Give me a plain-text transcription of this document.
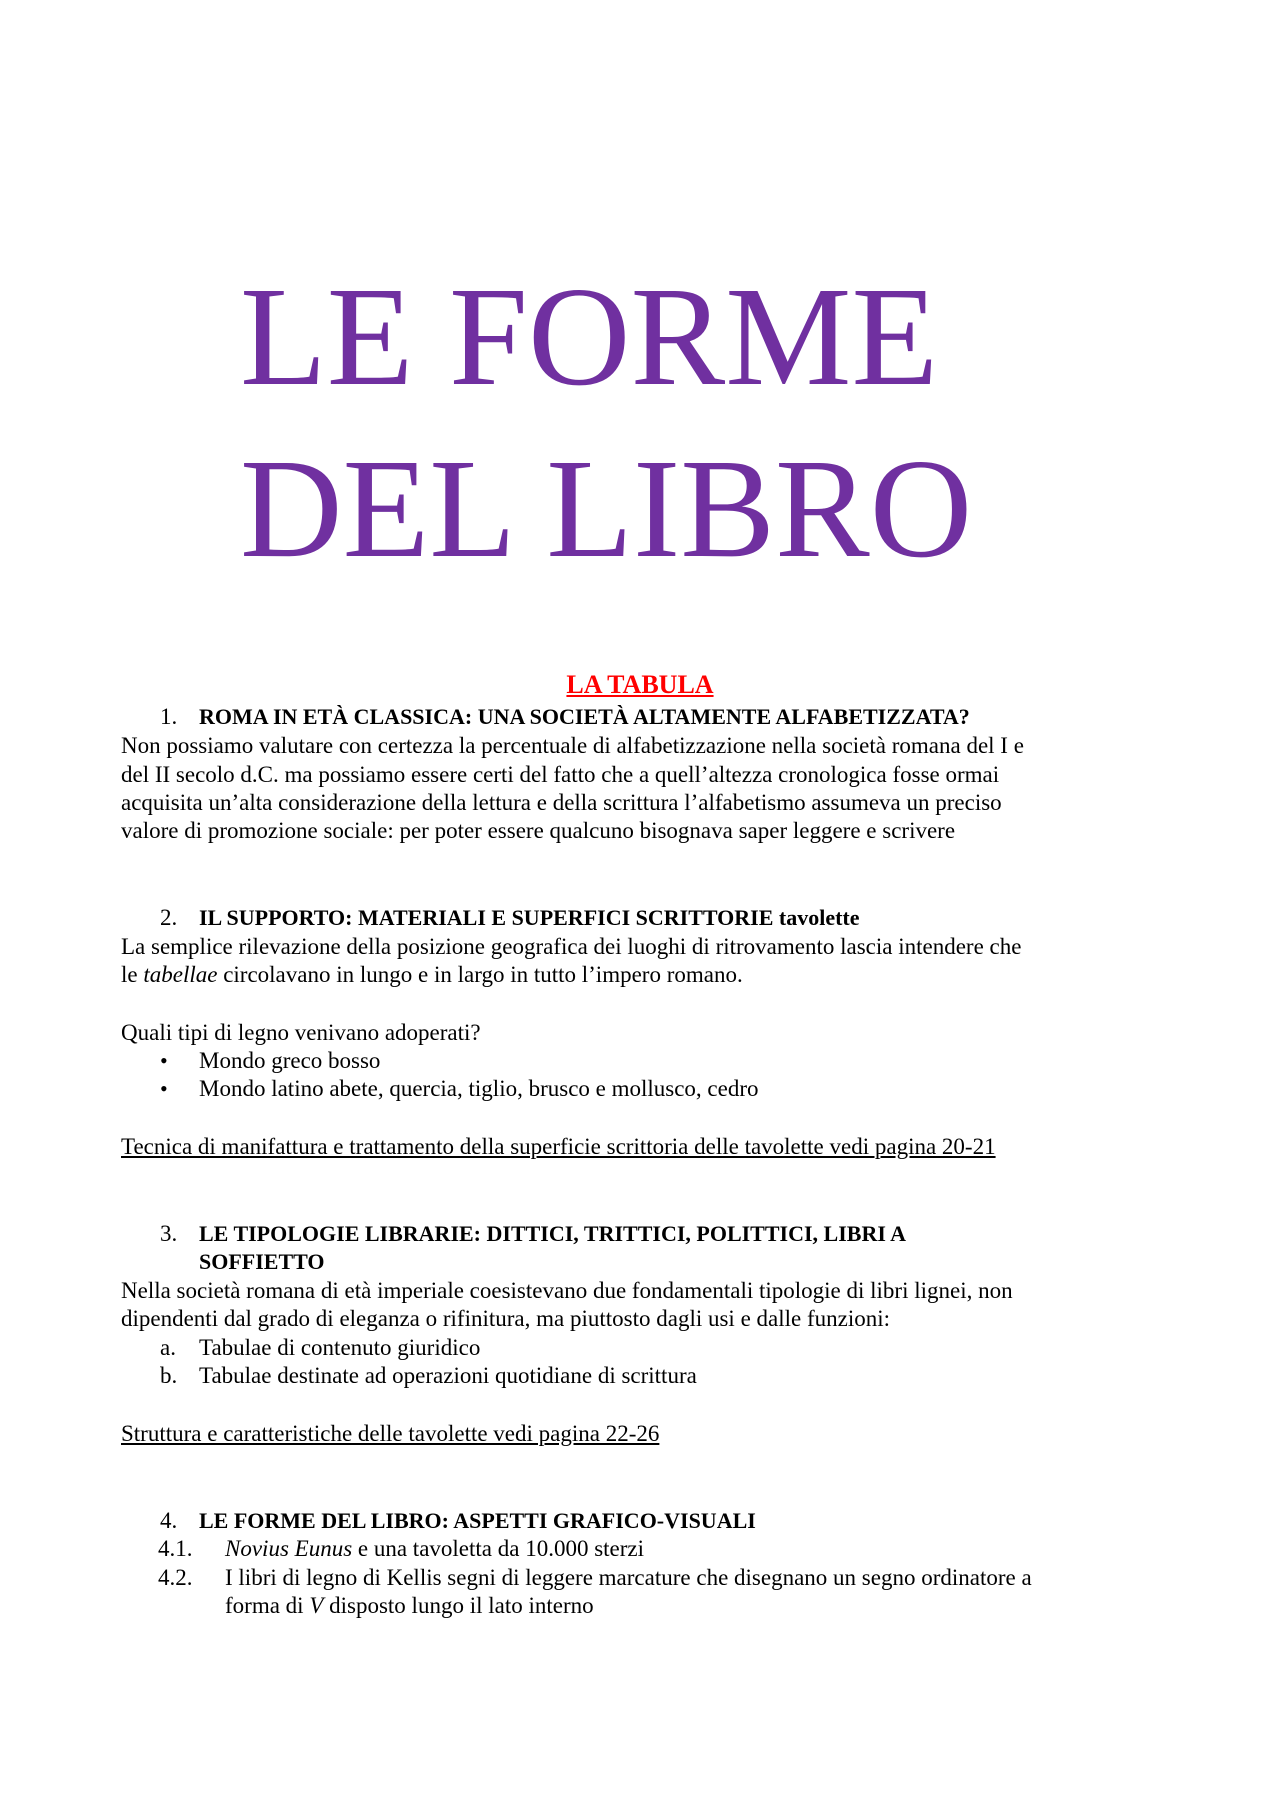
LE FORME
DEL LIBRO
LA TABULA
1. ROMA IN ETÀ CLASSICA: UNA SOCIETÀ ALTAMENTE ALFABETIZZATA?
Non possiamo valutare con certezza la percentuale di alfabetizzazione nella società romana del I e
del II secolo d.C. ma possiamo essere certi del fatto che a quell’altezza cronologica fosse ormai
acquisita un’alta considerazione della lettura e della scrittura l’alfabetismo assumeva un preciso
valore di promozione sociale: per poter essere qualcuno bisognava saper leggere e scrivere
2. IL SUPPORTO: MATERIALI E SUPERFICI SCRITTORIE tavolette
La semplice rilevazione della posizione geografica dei luoghi di ritrovamento lascia intendere che
le tabellae circolavano in lungo e in largo in tutto l’impero romano.
Quali tipi di legno venivano adoperati?
• Mondo greco bosso
• Mondo latino abete, quercia, tiglio, brusco e mollusco, cedro
Tecnica di manifattura e trattamento della superficie scrittoria delle tavolette vedi pagina 20-21
3. LE TIPOLOGIE LIBRARIE: DITTICI, TRITTICI, POLITTICI, LIBRI A
SOFFIETTO
Nella società romana di età imperiale coesistevano due fondamentali tipologie di libri lignei, non
dipendenti dal grado di eleganza o rifinitura, ma piuttosto dagli usi e dalle funzioni:
a. Tabulae di contenuto giuridico
b. Tabulae destinate ad operazioni quotidiane di scrittura
Struttura e caratteristiche delle tavolette vedi pagina 22-26
4. LE FORME DEL LIBRO: ASPETTI GRAFICO-VISUALI
4.1. Novius Eunus e una tavoletta da 10.000 sterzi
4.2. I libri di legno di Kellis segni di leggere marcature che disegnano un segno ordinatore a
forma di V disposto lungo il lato interno
